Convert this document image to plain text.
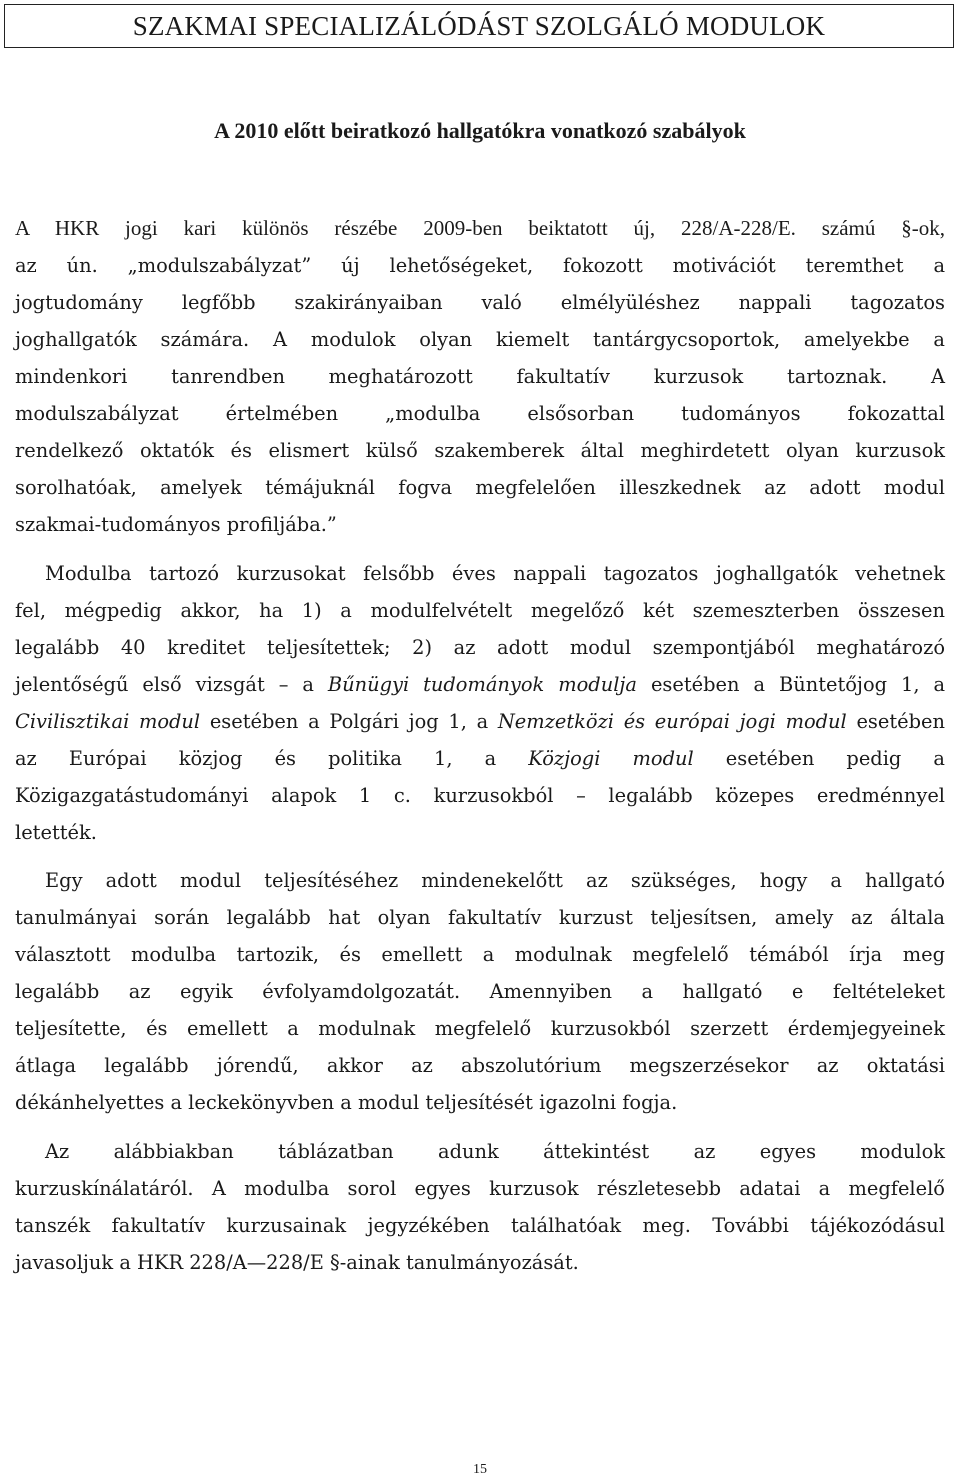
SZAKMAI SPECIALIZÁLÓDÁST SZOLGÁLÓ MODULOK
A 2010 előtt beiratkozó hallgatókra vonatkozó szabályok
A HKR jogi kari különös részébe 2009-ben beiktatott új, 228/A-228/E. számú §-ok,
az ún. „modulszabályzat” új lehetőségeket, fokozott motivációt teremthet a
jogtudomány legfőbb szakirányaiban való elmélyüléshez nappali tagozatos
joghallgatók számára. A modulok olyan kiemelt tantárgycsoportok, amelyekbe a
mindenkori tanrendben meghatározott fakultatív kurzusok tartoznak. A
modulszabályzat értelmében „modulba elsősorban tudományos fokozattal
rendelkező oktatók és elismert külső szakemberek által meghirdetett olyan kurzusok
sorolhatóak, amelyek témájuknál fogva megfelelően illeszkednek az adott modul
szakmai-tudományos profiljába.”
Modulba tartozó kurzusokat felsőbb éves nappali tagozatos joghallgatók vehetnek
fel, mégpedig akkor, ha 1) a modulfelvételt megelőző két szemeszterben összesen
legalább 40 kreditet teljesítettek; 2) az adott modul szempontjából meghatározó
jelentőségű első vizsgát – a Bűnügyi tudományok modulja esetében a Büntetőjog 1, a
Civilisztikai modul esetében a Polgári jog 1, a Nemzetközi és európai jogi modul esetében
az Európai közjog és politika 1, a Közjogi modul esetében pedig a
Közigazgatástudományi alapok 1 c. kurzusokból – legalább közepes eredménnyel
letették.
Egy adott modul teljesítéséhez mindenekelőtt az szükséges, hogy a hallgató
tanulmányai során legalább hat olyan fakultatív kurzust teljesítsen, amely az általa
választott modulba tartozik, és emellett a modulnak megfelelő témából írja meg
legalább az egyik évfolyamdolgozatát. Amennyiben a hallgató e feltételeket
teljesítette, és emellett a modulnak megfelelő kurzusokból szerzett érdemjegyeinek
átlaga legalább jórendű, akkor az abszolutórium megszerzésekor az oktatási
dékánhelyettes a leckekönyvben a modul teljesítését igazolni fogja.
Az alábbiakban táblázatban adunk áttekintést az egyes modulok
kurzuskínálatáról. A modulba sorol egyes kurzusok részletesebb adatai a megfelelő
tanszék fakultatív kurzusainak jegyzékében találhatóak meg. További tájékozódásul
javasoljuk a HKR 228/A—228/E §-ainak tanulmányozását.
15
